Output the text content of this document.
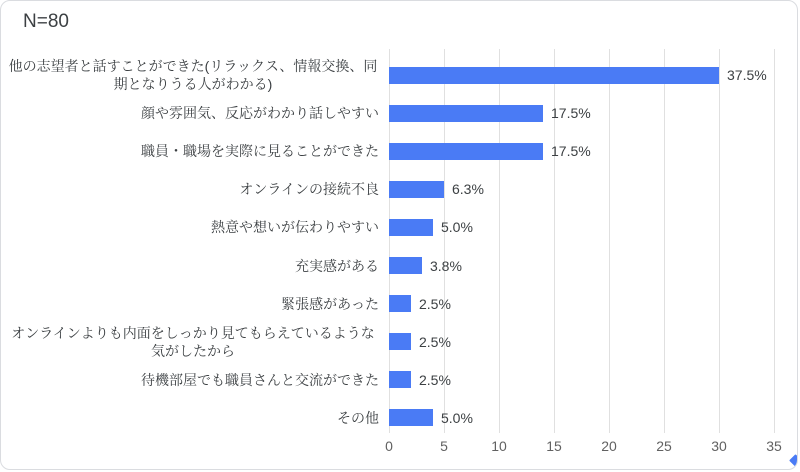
N=80
0	5	10	15	20	25	30	35
37.5%
他の志望者と話すことができた(リラックス、情報交換、同期となりうる人がわかる)
17.5%
顔や雰囲気、反応がわかり話しやすい
17.5%
職員・職場を実際に見ることができた
6.3%
オンラインの接続不良
5.0%
熱意や想いが伝わりやすい
3.8%
充実感がある
2.5%
緊張感があった
2.5%
オンラインよりも内面をしっかり見てもらえているような気がしたから
2.5%
待機部屋でも職員さんと交流ができた
5.0%
その他
